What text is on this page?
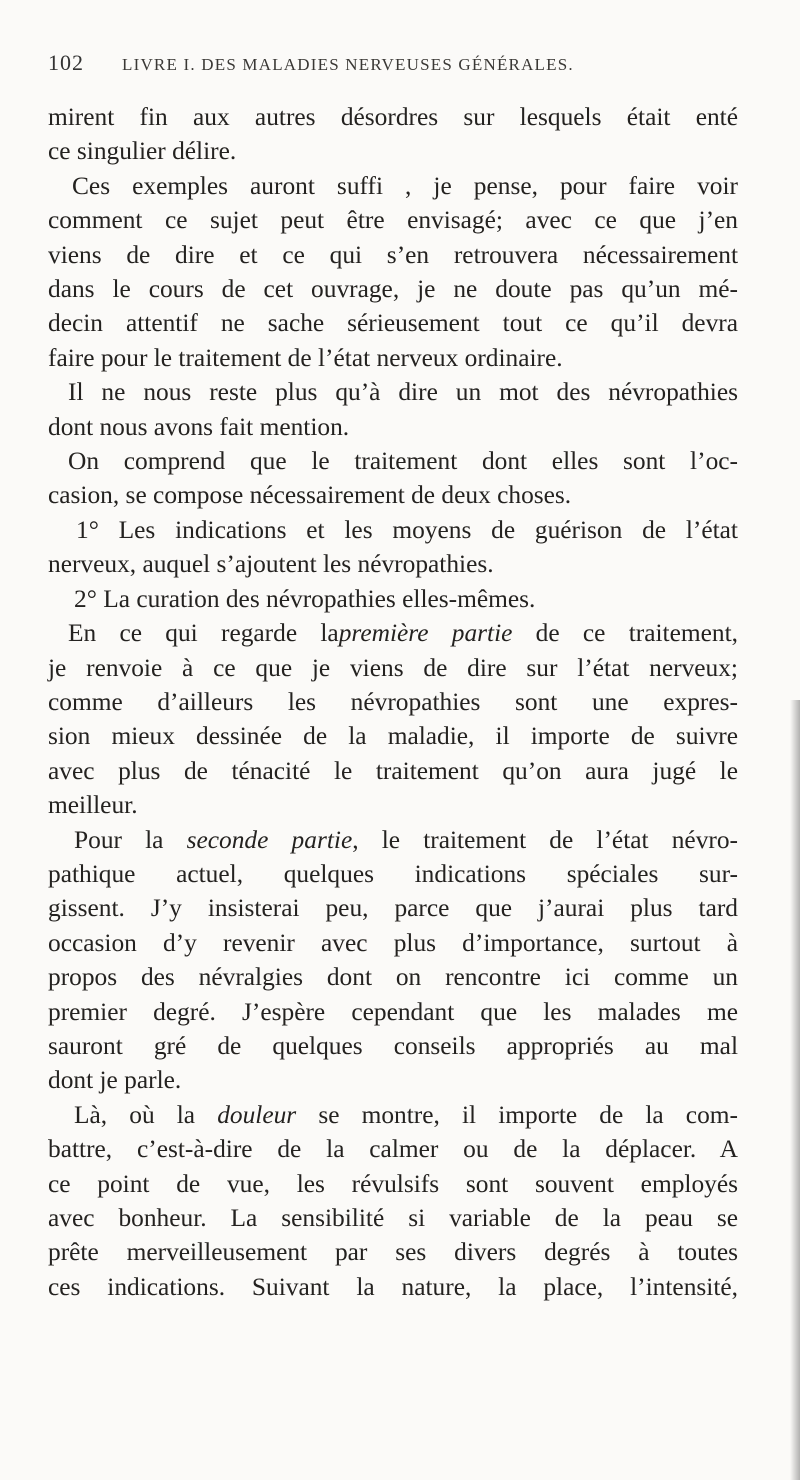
102 LIVRE I. DES MALADIES NERVEUSES GÉNÉRALES.

mirent fin aux autres désordres sur lesquels était enté
ce singulier délire.

Ces exemples auront suffi , je pense, pour faire voir
comment ce sujet peut être envisagé; avec ce que j’en
viens de dire et ce qui s’en retrouvera nécessairement
dans le cours de cet ouvrage, je ne doute pas qu’un mé-
decin attentif ne sache sérieusement tout ce qu’il devra
faire pour le traitement de l’état nerveux ordinaire.

Il ne nous reste plus qu’à dire un mot des névropathies
dont nous avons fait mention.

On comprend que le traitement dont elles sont l’oc-
casion, se compose nécessairement de deux choses.

1° Les indications et les moyens de guérison de l’état
nerveux, auquel s’ajoutent les névropathies.

2° La curation des névropathies elles-mêmes.

En ce qui regarde lapremière partie de ce traitement,
je renvoie à ce que je viens de dire sur l’état nerveux;
comme d’ailleurs les névropathies sont une expres-
sion mieux dessinée de la maladie, il importe de suivre
avec plus de ténacité le traitement qu’on aura jugé le
meilleur.

Pour la seconde partie, le traitement de l’état névro-
pathique actuel, quelques indications spéciales sur-
gissent. J’y insisterai peu, parce que j’aurai plus tard
occasion d’y revenir avec plus d’importance, surtout à
propos des névralgies dont on rencontre ici comme un
premier degré. J’espère cependant que les malades me
sauront gré de quelques conseils appropriés au mal
dont je parle.

Là, où la douleur se montre, il importe de la com-
battre, c’est-à-dire de la calmer ou de la déplacer. A
ce point de vue, les révulsifs sont souvent employés
avec bonheur. La sensibilité si variable de la peau se
prête merveilleusement par ses divers degrés à toutes
ces indications. Suivant la nature, la place, l’intensité,
